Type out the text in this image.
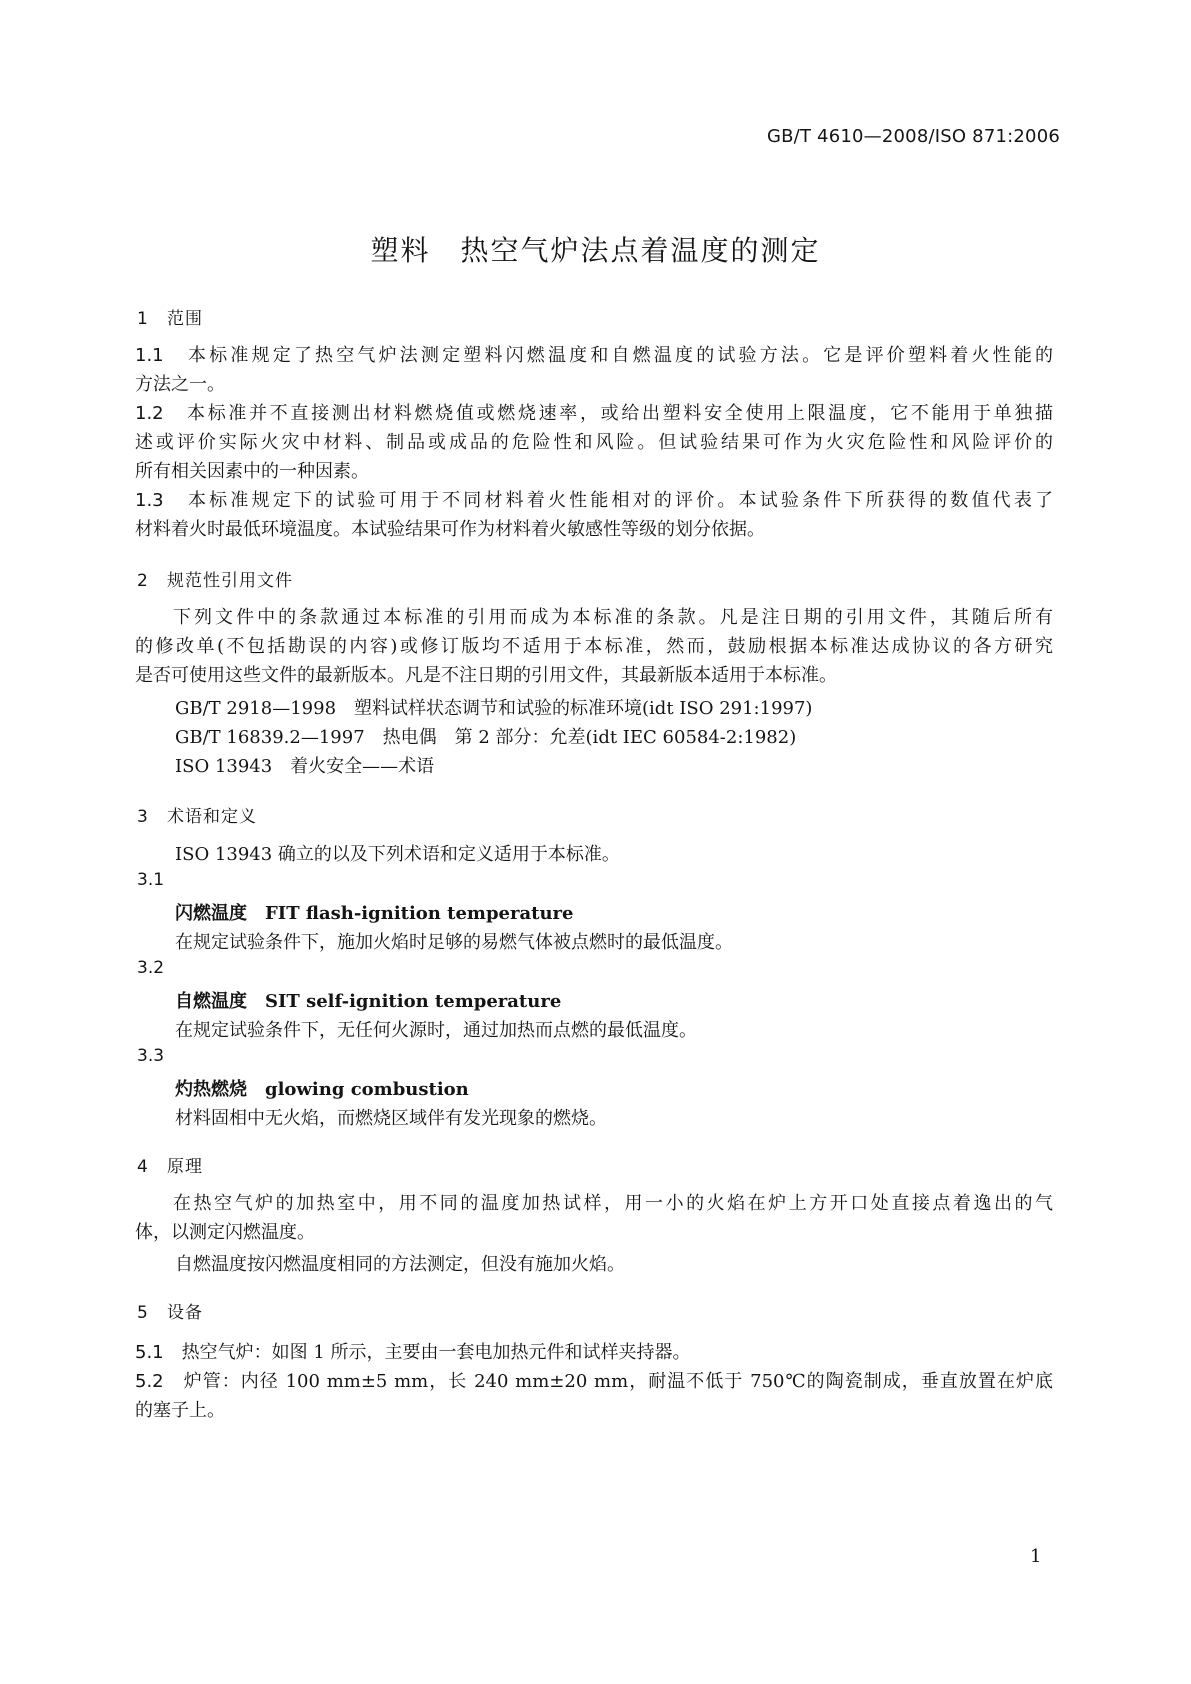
GB/T 4610—2008/ISO 871:2006
塑料　热空气炉法点着温度的测定
1 范围
1.1　 本标准规定了热空气炉法测定塑料闪燃温度和自燃温度的试验方法。它是评价塑料着火性能的
方法之一。
1.2　 本标准并不直接测出材料燃烧值或燃烧速率，或给出塑料安全使用上限温度，它不能用于单独描
述或评价实际火灾中材料、制品或成品的危险性和风险。但试验结果可作为火灾危险性和风险评价的
所有相关因素中的一种因素。
1.3　 本标准规定下的试验可用于不同材料着火性能相对的评价。本试验条件下所获得的数值代表了
材料着火时最低环境温度。本试验结果可作为材料着火敏感性等级的划分依据。
2 规范性引用文件
下列文件中的条款通过本标准的引用而成为本标准的条款。凡是注日期的引用文件，其随后所有
的修改单(不包括勘误的内容)或修订版均不适用于本标准，然而，鼓励根据本标准达成协议的各方研究
是否可使用这些文件的最新版本。凡是不注日期的引用文件，其最新版本适用于本标准。
GB/T 2918—1998　塑料试样状态调节和试验的标准环境(idt ISO 291:1997)
GB/T 16839.2—1997　热电偶　第 2 部分：允差(idt IEC 60584-2:1982)
ISO 13943　着火安全——术语
3 术语和定义
ISO 13943 确立的以及下列术语和定义适用于本标准。
3.1
闪燃温度 FIT flash-ignition temperature
在规定试验条件下，施加火焰时足够的易燃气体被点燃时的最低温度。
3.2
自燃温度 SIT self-ignition temperature
在规定试验条件下，无任何火源时，通过加热而点燃的最低温度。
3.3
灼热燃烧 glowing combustion
材料固相中无火焰，而燃烧区域伴有发光现象的燃烧。
4 原理
在热空气炉的加热室中，用不同的温度加热试样，用一小的火焰在炉上方开口处直接点着逸出的气
体，以测定闪燃温度。
自燃温度按闪燃温度相同的方法测定，但没有施加火焰。
5 设备
5.1　 热空气炉：如图 1 所示，主要由一套电加热元件和试样夹持器。
5.2　 炉管：内径 100 mm±5 mm，长 240 mm±20 mm，耐温不低于 750℃的陶瓷制成，垂直放置在炉底
的塞子上。
1
